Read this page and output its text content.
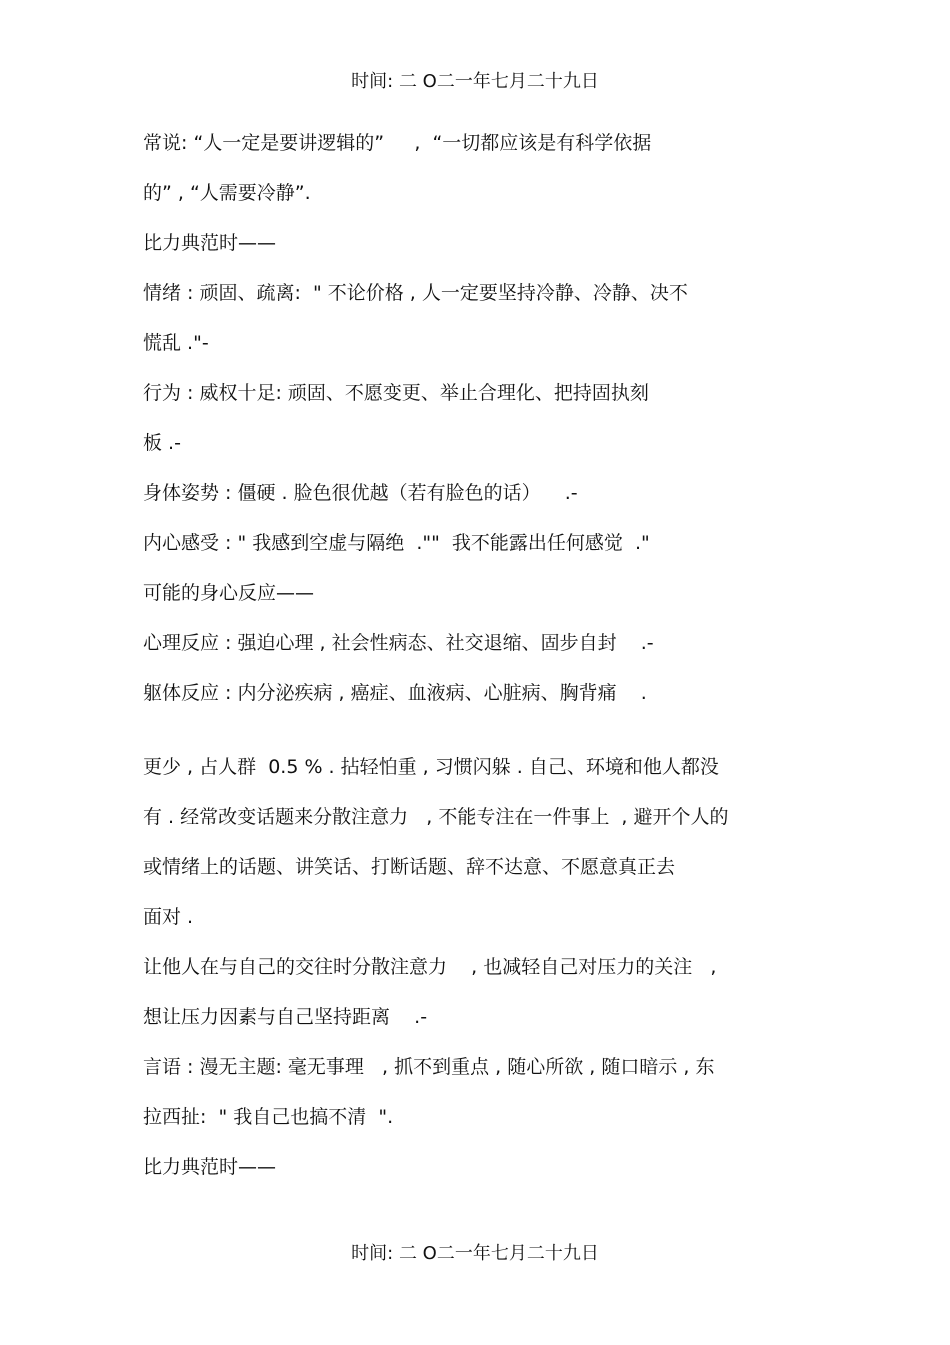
时间: 二 O二一年七月二十九日
常说: “人一定是要讲逻辑的”     ,  “一切都应该是有科学依据
的” , “人需要冷静”.
比力典范时——
情绪 : 顽固、疏离:  " 不论价格 , 人一定要坚持冷静、冷静、决不
慌乱 ."-
行为 : 威权十足: 顽固、不愿变更、举止合理化、把持固执刻
板 .-
身体姿势 : 僵硬 . 脸色很优越（若有脸色的话）    .-
内心感受 : " 我感到空虚与隔绝  .""  我不能露出任何感觉  ."
可能的身心反应——
心理反应 : 强迫心理 , 社会性病态、社交退缩、固步自封    .-
躯体反应 : 内分泌疾病 , 癌症、血液病、心脏病、胸背痛    .
更少 , 占人群  0.5 % . 拈轻怕重 , 习惯闪躲 . 自己、环境和他人都没
有 . 经常改变话题来分散注意力   , 不能专注在一件事上  , 避开个人的
或情绪上的话题、讲笑话、打断话题、辞不达意、不愿意真正去
面对 .
让他人在与自己的交往时分散注意力    , 也减轻自己对压力的关注   ,
想让压力因素与自己坚持距离    .-
言语 : 漫无主题: 毫无事理   , 抓不到重点 , 随心所欲 , 随口暗示 , 东
拉西扯:  " 我自己也搞不清  ".
比力典范时——
时间: 二 O二一年七月二十九日
